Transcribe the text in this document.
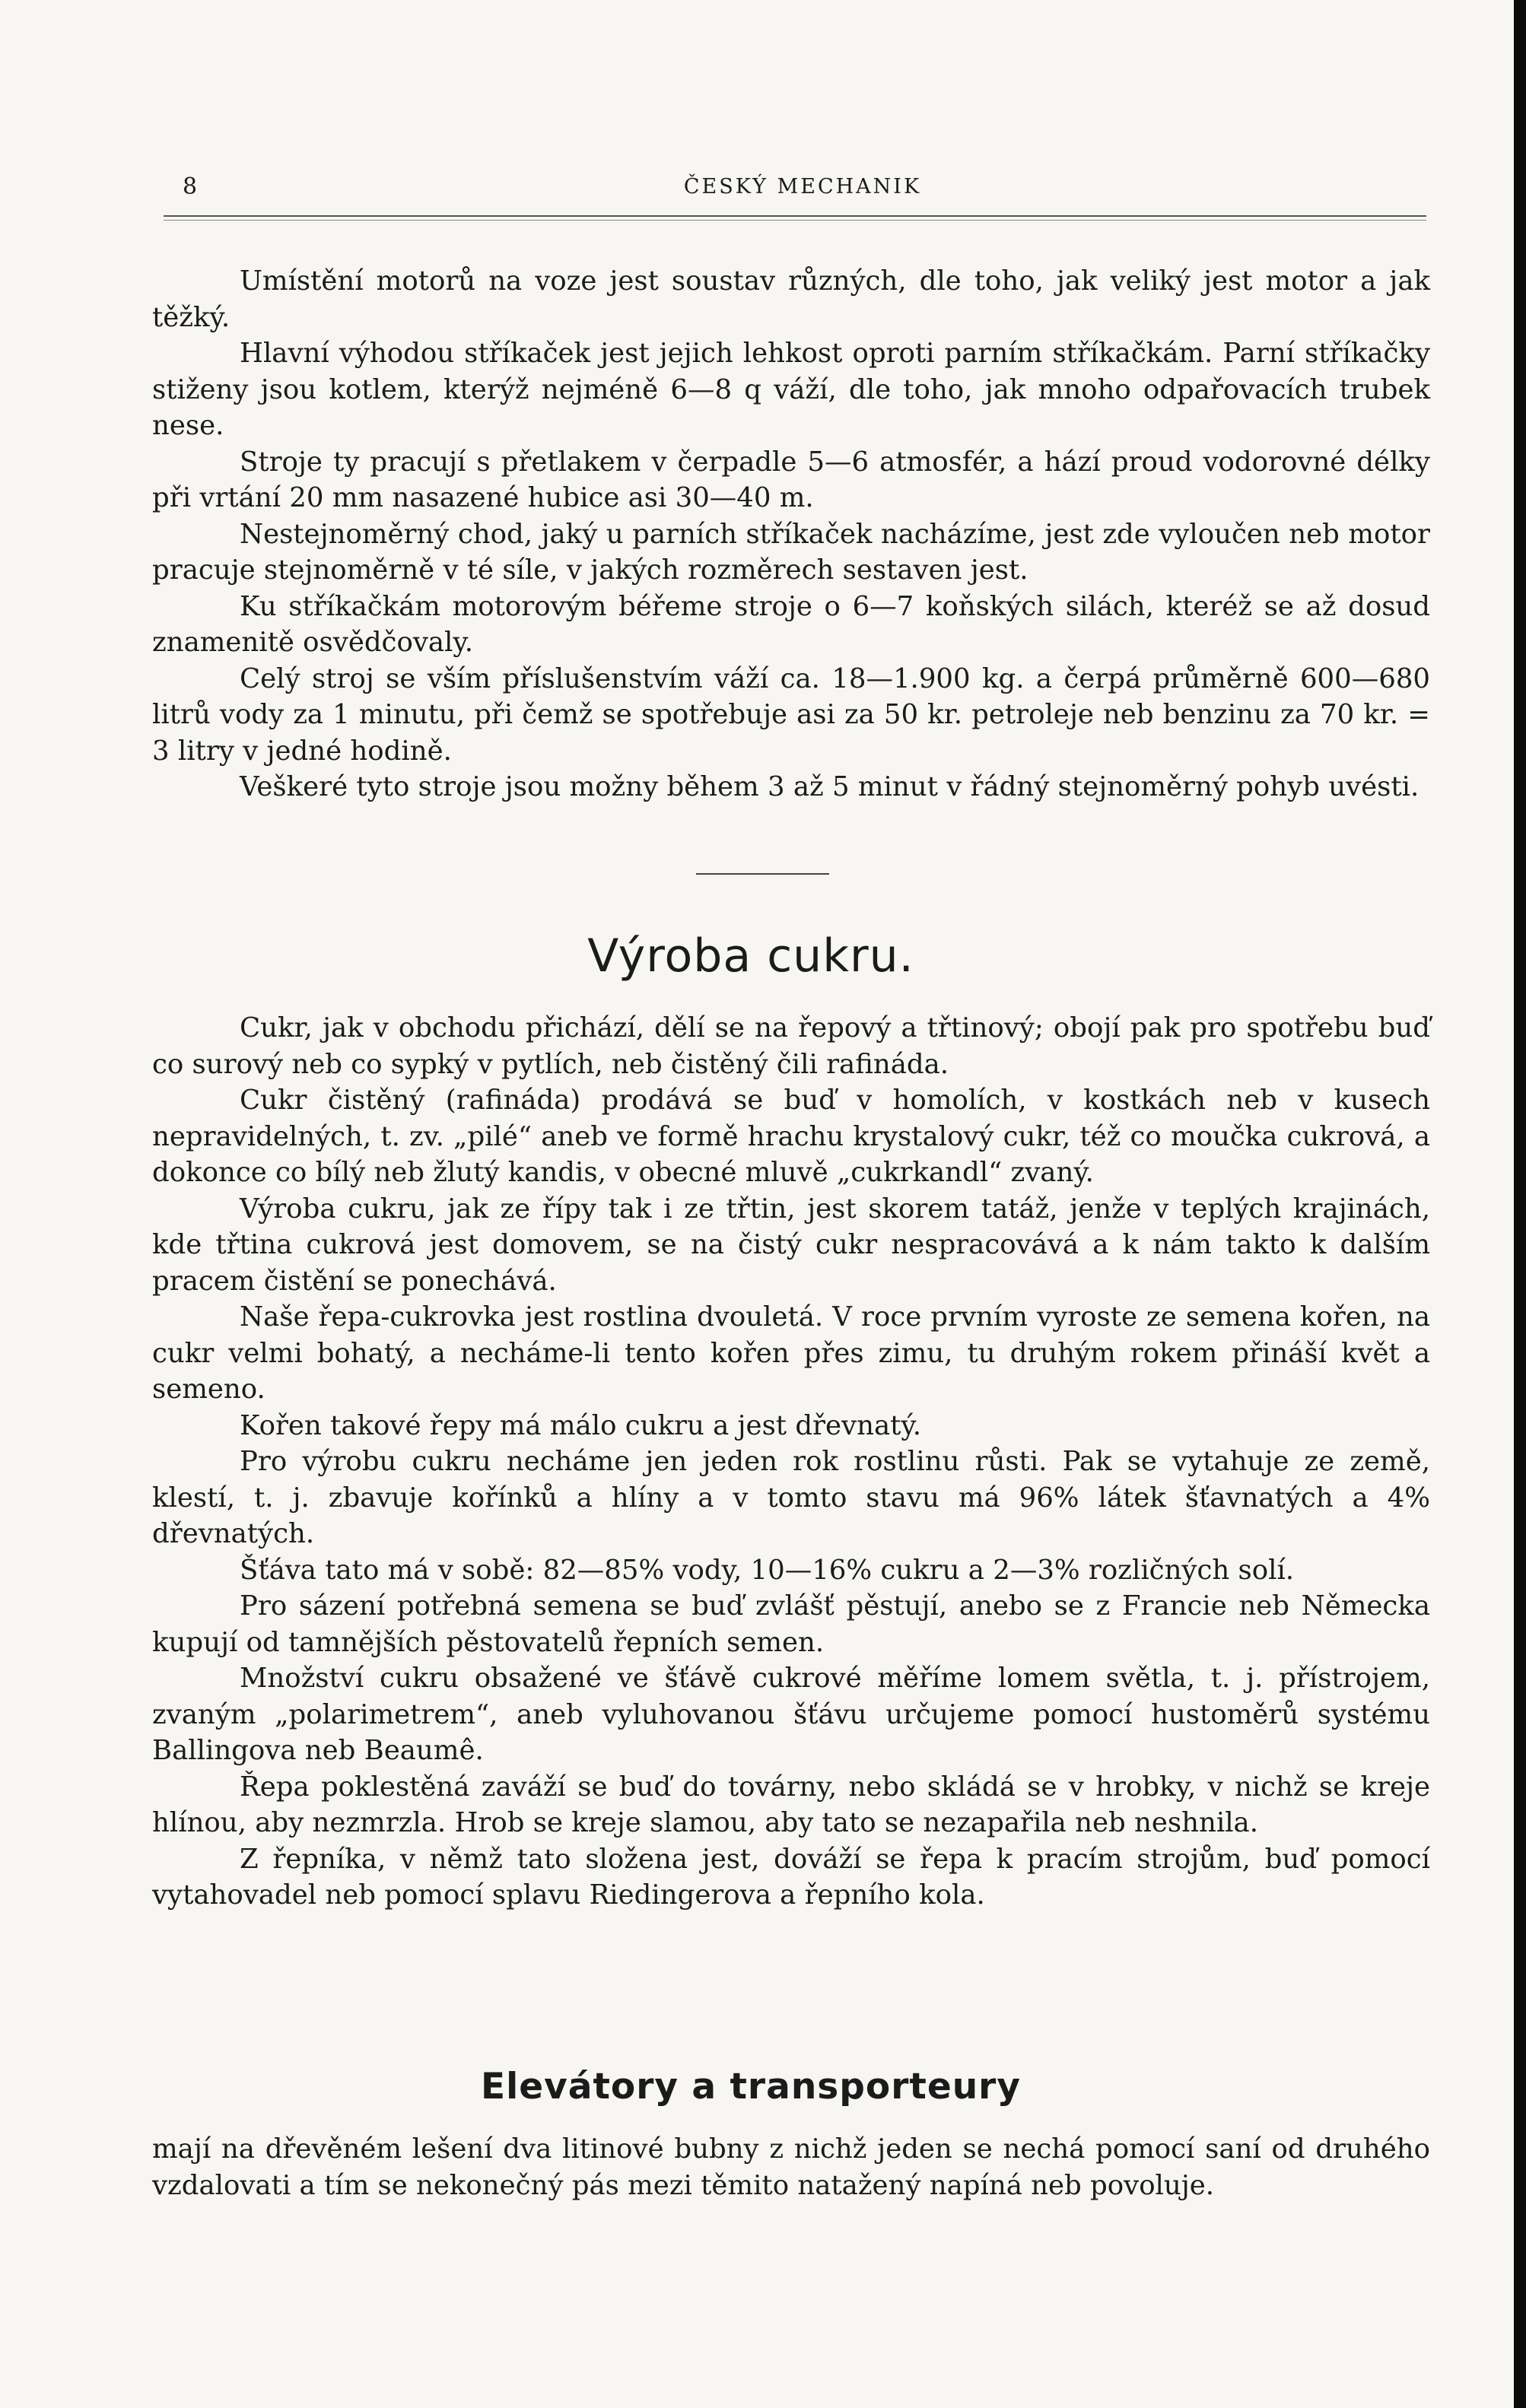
8	ČESKÝ MECHANIK

Umístění motorů na voze jest soustav různých, dle toho, jak veliký jest motor a jak těžký.

Hlavní výhodou stříkaček jest jejich lehkost oproti parním stříkačkám. Parní stříkačky stiženy jsou kotlem, kterýž nejméně 6—8 q váží, dle toho, jak mnoho odpařovacích trubek nese.

Stroje ty pracují s přetlakem v čerpadle 5—6 atmosfér, a hází proud vodorovné délky při vrtání 20 mm nasazené hubice asi 30—40 m.

Nestejnoměrný chod, jaký u parních stříkaček nacházíme, jest zde vyloučen neb motor pracuje stejnoměrně v té síle, v jakých rozměrech sestaven jest.

Ku stříkačkám motorovým béřeme stroje o 6—7 koňských silách, kteréž se až dosud znamenitě osvědčovaly.

Celý stroj se vším příslušenstvím váží ca. 18—1.900 kg. a čerpá průměrně 600—680 litrů vody za 1 minutu, při čemž se spotřebuje asi za 50 kr. petroleje neb benzinu za 70 kr. = 3 litry v jedné hodině.

Veškeré tyto stroje jsou možny během 3 až 5 minut v řádný stejnoměrný pohyb uvésti.

Výroba cukru.

Cukr, jak v obchodu přichází, dělí se na řepový a třtinový; obojí pak pro spotřebu buď co surový neb co sypký v pytlích, neb čistěný čili rafináda.

Cukr čistěný (rafináda) prodává se buď v homolích, v kostkách neb v kusech nepravidelných, t. zv. „pilé“ aneb ve formě hrachu krystalový cukr, též co moučka cukrová, a dokonce co bílý neb žlutý kandis, v obecné mluvě „cukrkandl“ zvaný.

Výroba cukru, jak ze řípy tak i ze třtin, jest skorem tatáž, jenže v teplých krajinách, kde třtina cukrová jest domovem, se na čistý cukr nespracovává a k nám takto k dalším pracem čistění se ponechává.

Naše řepa-cukrovka jest rostlina dvouletá. V roce prvním vyroste ze semena kořen, na cukr velmi bohatý, a necháme-li tento kořen přes zimu, tu druhým rokem přináší květ a semeno.

Kořen takové řepy má málo cukru a jest dřevnatý.

Pro výrobu cukru necháme jen jeden rok rostlinu růsti. Pak se vytahuje ze země, klestí, t. j. zbavuje kořínků a hlíny a v tomto stavu má 96% látek šťavnatých a 4% dřevnatých.

Šťáva tato má v sobě: 82—85% vody, 10—16% cukru a 2—3% rozličných solí.

Pro sázení potřebná semena se buď zvlášť pěstují, anebo se z Francie neb Německa kupují od tamnějších pěstovatelů řepních semen.

Množství cukru obsažené ve šťávě cukrové měříme lomem světla, t. j. přístrojem, zvaným „polarimetrem“, aneb vyluhovanou šťávu určujeme pomocí hustoměrů systému Ballingova neb Beaumê.

Řepa poklestěná zaváží se buď do továrny, nebo skládá se v hrobky, v nichž se kreje hlínou, aby nezmrzla. Hrob se kreje slamou, aby tato se nezapařila neb neshnila.

Z řepníka, v němž tato složena jest, dováží se řepa k pracím strojům, buď pomocí vytahovadel neb pomocí splavu Riedingerova a řepního kola.

Elevátory a transporteury

mají na dřevěném lešení dva litinové bubny z nichž jeden se nechá pomocí saní od druhého vzdalovati a tím se nekonečný pás mezi těmito natažený napíná neb povoluje.
